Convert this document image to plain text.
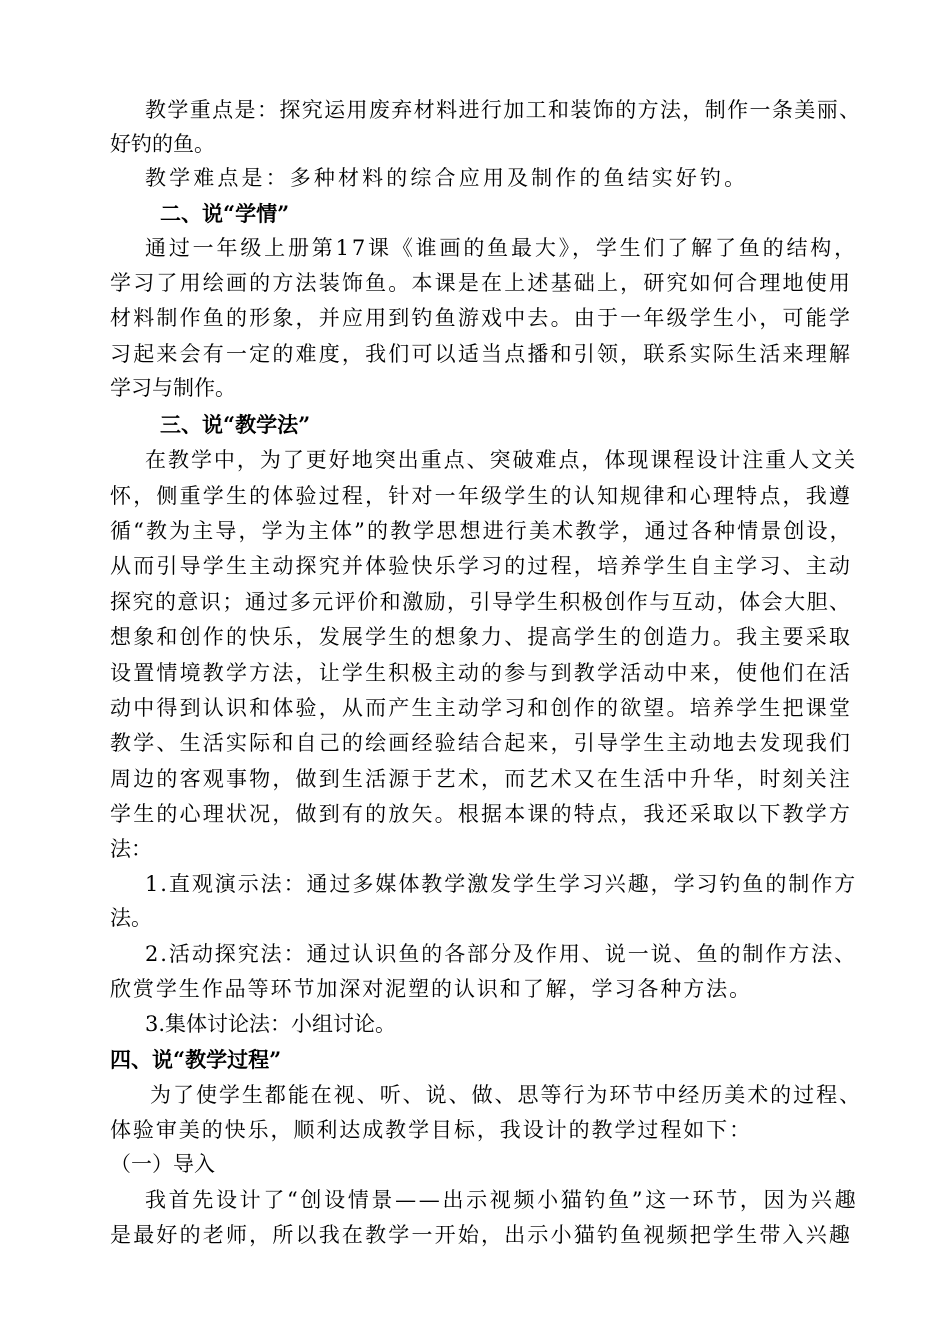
教学重点是：探究运用废弃材料进行加工和装饰的方法，制作一条美丽、
好钓的鱼。
教学难点是：多种材料的综合应用及制作的鱼结实好钓。
二、说“学情”
通过一年级上册第17课《谁画的鱼最大》，学生们了解了鱼的结构，
学习了用绘画的方法装饰鱼。本课是在上述基础上，研究如何合理地使用
材料制作鱼的形象，并应用到钓鱼游戏中去。由于一年级学生小，可能学
习起来会有一定的难度，我们可以适当点播和引领，联系实际生活来理解
学习与制作。
三、说“教学法”
在教学中，为了更好地突出重点、突破难点，体现课程设计注重人文关
怀，侧重学生的体验过程，针对一年级学生的认知规律和心理特点，我遵
循“教为主导，学为主体”的教学思想进行美术教学，通过各种情景创设，
从而引导学生主动探究并体验快乐学习的过程，培养学生自主学习、主动
探究的意识；通过多元评价和激励，引导学生积极创作与互动，体会大胆、
想象和创作的快乐，发展学生的想象力、提高学生的创造力。我主要采取
设置情境教学方法，让学生积极主动的参与到教学活动中来，使他们在活
动中得到认识和体验，从而产生主动学习和创作的欲望。培养学生把课堂
教学、生活实际和自己的绘画经验结合起来，引导学生主动地去发现我们
周边的客观事物，做到生活源于艺术，而艺术又在生活中升华，时刻关注
学生的心理状况，做到有的放矢。根据本课的特点，我还采取以下教学方
法：
1.直观演示法：通过多媒体教学激发学生学习兴趣，学习钓鱼的制作方
法。
2.活动探究法：通过认识鱼的各部分及作用、说一说、鱼的制作方法、
欣赏学生作品等环节加深对泥塑的认识和了解，学习各种方法。
3.集体讨论法：小组讨论。
四、说“教学过程”
为了使学生都能在视、听、说、做、思等行为环节中经历美术的过程、
体验审美的快乐，顺利达成教学目标，我设计的教学过程如下：
（一）导入
我首先设计了“创设情景——出示视频小猫钓鱼”这一环节，因为兴趣
是最好的老师，所以我在教学一开始，出示小猫钓鱼视频把学生带入兴趣
